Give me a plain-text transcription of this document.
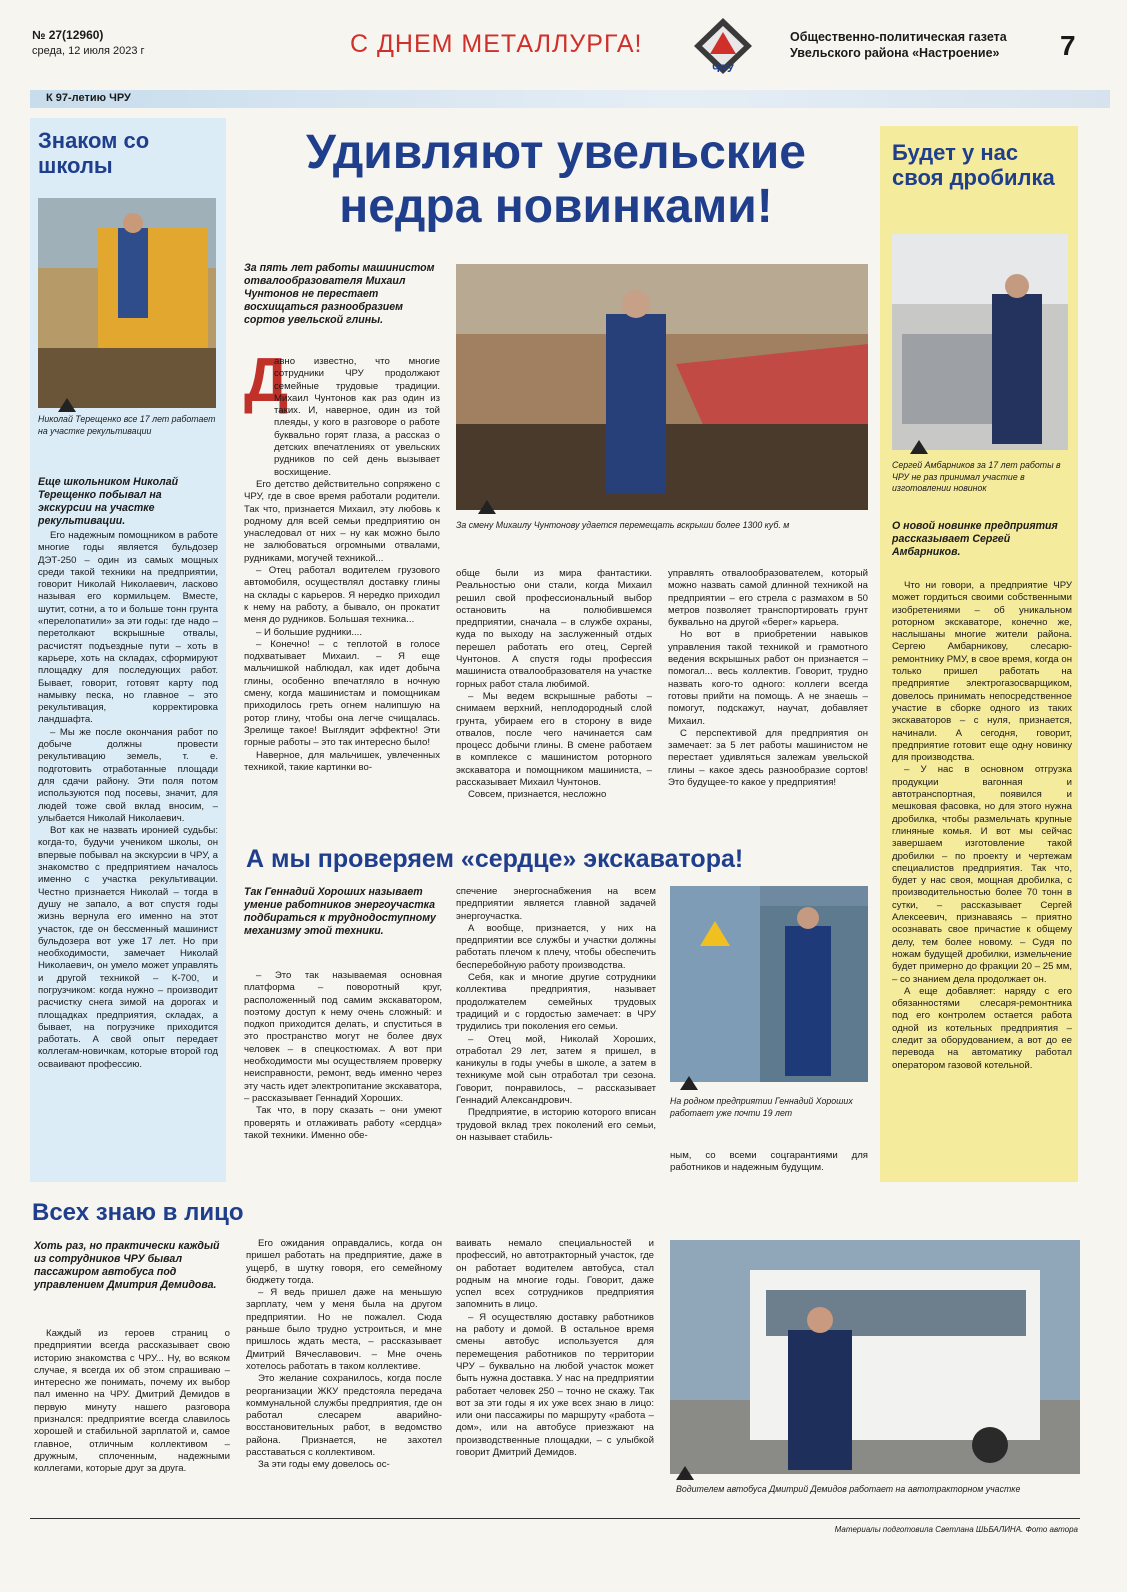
№ 27(12960)
среда, 12 июля 2023 г	С ДНЕМ МЕТАЛЛУРГА!
ЧРУ
Общественно-политическая газета
Увельского района «Настроение» 7
К 97-летию ЧРУ
Знаком со школы
Николай Терещенко все 17 лет работает на участке рекультивации
Еще школьником Николай Терещенко побывал на экскурсии на участке рекультивации.

Его надежным помощником в работе многие годы является бульдозер ДЭТ-250 – один из самых мощных среди такой техники на предприятии, говорит Николай Николаевич, ласково называя его кормильцем. Вместе, шутит, сотни, а то и больше тонн грунта «перелопатили» за эти годы: где надо – перетолкают вскрышные отвалы, расчистят подъездные пути – хоть в карьере, хоть на складах, сформируют площадку для последующих работ. Бывает, говорит, готовят карту под намывку песка, но главное – это рекультивация, корректировка ландшафта.

– Мы же после окончания работ по добыче должны провести рекультивацию земель, т. е. подготовить отработанные площади для сдачи району. Эти поля потом используются под посевы, значит, для людей тоже свой вклад вносим, – улыбается Николай Николаевич.

Вот как не назвать иронией судьбы: когда-то, будучи учеником школы, он впервые побывал на экскурсии в ЧРУ, а знакомство с предприятием началось именно с участка рекультивации. Честно признается Николай – тогда в душу не запало, а вот спустя годы жизнь вернула его именно на этот участок, где он бессменный машинист бульдозера вот уже 17 лет. Но при необходимости, замечает Николай Николаевич, он умело может управлять и другой техникой – К-700, и погрузчиком: когда нужно – производит расчистку снега зимой на дорогах и площадках предприятия, складах, а бывает, на погрузчике приходится работать. А свой опыт передает коллегам-новичкам, которые второй год осваивают профессию.

Удивляют увельские
недра новинками!
За пять лет работы машинистом отвалообразователя Михаил Чунтонов не перестает восхищаться разнообразием сортов увельской глины.
Д

авно известно, что многие сотрудники ЧРУ продолжают семейные трудовые традиции. Михаил Чунтонов как раз один из таких. И, наверное, один из той плеяды, у кого в разговоре о работе буквально горят глаза, а рассказ о детских впечатлениях от увельских рудников по сей день вызывает восхищение.

Его детство действительно сопряжено с ЧРУ, где в свое время работали родители. Так что, признается Михаил, эту любовь к родному для всей семьи предприятию он унаследовал от них – ну как можно было не залюбоваться огромными отвалами, рудниками, могучей техникой...

– Отец работал водителем грузового автомобиля, осуществлял доставку глины на склады с карьеров. Я нередко приходил к нему на работу, а бывало, он прокатит меня до рудников. Большая техника...

– И большие рудники....

– Конечно! – с теплотой в голосе подхватывает Михаил. – Я еще мальчишкой наблюдал, как идет добыча глины, особенно впечатляло в ночную смену, когда машинистам и помощникам приходилось греть огнем налипшую на ротор глину, чтобы она легче счищалась. Зрелище такое! Выглядит эффектно! Эти горные работы – это так интересно было!

Наверное, для мальчишек, увлеченных техникой, такие картинки во-

За смену Михаилу Чунтонову удается перемещать вскрыши более 1300 куб. м

обще были из мира фантастики. Реальностью они стали, когда Михаил решил свой профессиональный выбор остановить на полюбившемся предприятии, сначала – в службе охраны, куда по выходу на заслуженный отдых перешел работать его отец, Сергей Чунтонов. А спустя годы профессия машиниста отвалообразователя на участке горных работ стала любимой.

– Мы ведем вскрышные работы – снимаем верхний, неплодородный слой грунта, убираем его в сторону в виде отвалов, после чего начинается сам процесс добычи глины. В смене работаем в комплексе с машинистом роторного экскаватора и помощником машиниста, – рассказывает Михаил Чунтонов.

Совсем, признается, несложно

управлять отвалообразователем, который можно назвать самой длинной техникой на предприятии – его стрела с размахом в 50 метров позволяет транспортировать грунт буквально на другой «берег» карьера.

Но вот в приобретении навыков управления такой техникой и грамотного ведения вскрышных работ он признается – помогал... весь коллектив. Говорит, трудно назвать кого-то одного: коллеги всегда готовы прийти на помощь. А не знаешь – помогут, подскажут, научат, добавляет Михаил.

С перспективой для предприятия он замечает: за 5 лет работы машинистом не перестает удивляться залежам увельской глины – какое здесь разнообразие сортов! Это будущее-то какое у предприятия!

Будет у нас своя дробилка
Сергей Амбарников за 17 лет работы в ЧРУ не раз принимал участие в изготовлении новинок
О новой новинке предприятия рассказывает Сергей Амбарников.

Что ни говори, а предприятие ЧРУ может гордиться своими собственными изобретениями – об уникальном роторном экскаваторе, конечно же, наслышаны многие жители района. Сергею Амбарникову, слесарю-ремонтнику РМУ, в свое время, когда он только пришел работать на предприятие электрогазосварщиком, довелось принимать непосредственное участие в сборке одного из таких экскаваторов – с нуля, признается, начинали. А сегодня, говорит, предприятие готовит еще одну новинку для производства.

– У нас в основном отгрузка продукции вагонная и автотранспортная, появился и мешковая фасовка, но для этого нужна дробилка, чтобы размельчать крупные глиняные комья. И вот мы сейчас завершаем изготовление такой дробилки – по проекту и чертежам специалистов предприятия. Так что, будет у нас своя, мощная дробилка, с производительностью более 70 тонн в сутки, – рассказывает Сергей Алексеевич, признаваясь – приятно осознавать свое причастие к общему делу, тем более новому. – Судя по ножам будущей дробилки, измельчение будет примерно до фракции 20 – 25 мм, – со знанием дела продолжает он.

А еще добавляет: наряду с его обязанностями слесаря-ремонтника под его контролем остается работа одной из котельных предприятия – следит за оборудованием, а вот до ее перевода на автоматику работал оператором газовой котельной.

А мы проверяем «сердце» экскаватора!
Так Геннадий Хороших называет умение работников энергоучастка подбираться к труднодоступному механизму этой техники.

– Это так называемая основная платформа – поворотный круг, расположенный под самим экскаватором, поэтому доступ к нему очень сложный: и подкоп приходится делать, и спуститься в это пространство могут не более двух человек – в спецкостюмах. А вот при необходимости мы осуществляем проверку неисправности, ремонт, ведь именно через эту часть идет электропитание экскаватора, – рассказывает Геннадий Хороших.

Так что, в пору сказать – они умеют проверять и отлаживать работу «сердца» такой техники. Именно обе-

спечение энергоснабжения на всем предприятии является главной задачей энергоучастка.

А вообще, признается, у них на предприятии все службы и участки должны работать плечом к плечу, чтобы обеспечить бесперебойную работу производства.

Себя, как и многие другие сотрудники коллектива предприятия, называет продолжателем семейных трудовых традиций и с гордостью замечает: в ЧРУ трудились три поколения его семьи.

– Отец мой, Николай Хороших, отработал 29 лет, затем я пришел, в каникулы в годы учебы в школе, а затем в техникуме мой сын отработал три сезона. Говорит, понравилось, – рассказывает Геннадий Александрович.

Предприятие, в историю которого вписан трудовой вклад трех поколений его семьи, он называет стабиль-

На родном предприятии Геннадий Хороших работает уже почти 19 лет
ным, со всеми соцгарантиями для работников и надежным будущим.
Всех знаю в лицо
Хоть раз, но практически каждый из сотрудников ЧРУ бывал пассажиром автобуса под управлением Дмитрия Демидова.

Каждый из героев страниц о предприятии всегда рассказывает свою историю знакомства с ЧРУ... Ну, во всяком случае, я всегда их об этом спрашиваю – интересно же понимать, почему их выбор пал именно на ЧРУ. Дмитрий Демидов в первую минуту нашего разговора признался: предприятие всегда славилось хорошей и стабильной зарплатой и, самое главное, отличным коллективом – дружным, сплоченным, надежными коллегами, которые друг за друга.

Его ожидания оправдались, когда он пришел работать на предприятие, даже в ущерб, в шутку говоря, его семейному бюджету тогда.

– Я ведь пришел даже на меньшую зарплату, чем у меня была на другом предприятии. Но не пожалел. Сюда раньше было трудно устроиться, и мне пришлось ждать места, – рассказывает Дмитрий Вячеславович. – Мне очень хотелось работать в таком коллективе.

Это желание сохранилось, когда после реорганизации ЖКУ предстояла передача коммунальной службы предприятия, где он работал слесарем аварийно-восстановительных работ, в ведомство района. Признается, не захотел расставаться с коллективом.

За эти годы ему довелось ос-

ваивать немало специальностей и профессий, но автотракторный участок, где он работает водителем автобуса, стал родным на многие годы. Говорит, даже успел всех сотрудников предприятия запомнить в лицо.

– Я осуществляю доставку работников на работу и домой. В остальное время смены автобус используется для перемещения работников по территории ЧРУ – буквально на любой участок может быть нужна доставка. У нас на предприятии работает человек 250 – точно не скажу. Так вот за эти годы я их уже всех знаю в лицо: или они пассажиры по маршруту «работа – дом», или на автобусе приезжают на производственные площадки, – с улыбкой говорит Дмитрий Демидов.

Водителем автобуса Дмитрий Демидов работает на автотракторном участке
Материалы подготовила Светлана ШЬБАЛИНА. Фото автора
